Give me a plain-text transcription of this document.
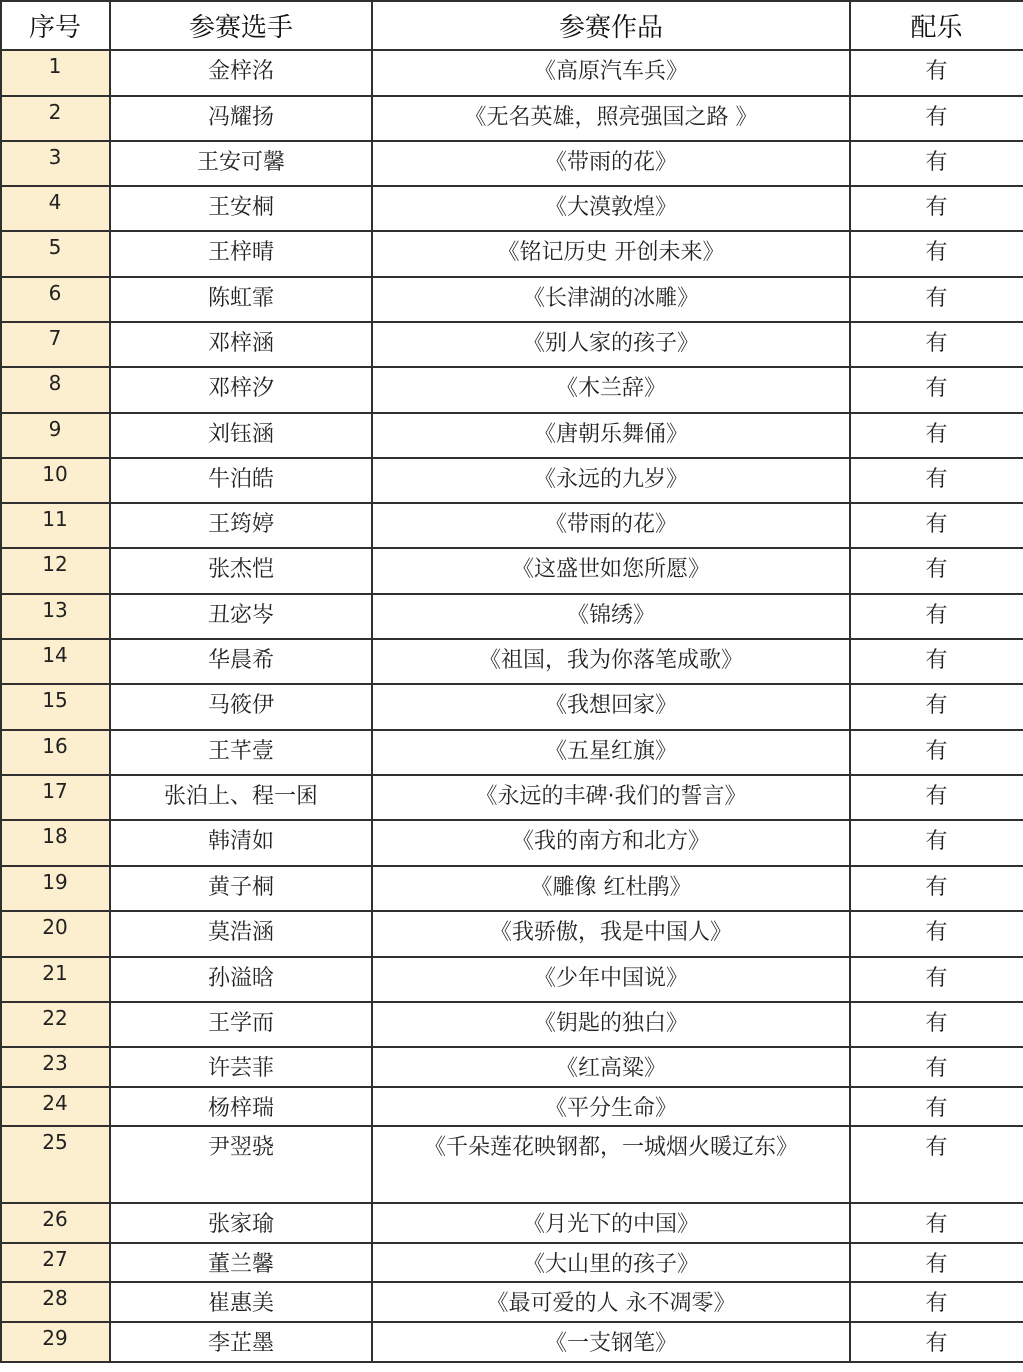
序号	参赛选手	参赛作品	配乐
1	金梓洺	《高原汽车兵》	有
2	冯耀扬	《无名英雄，照亮强国之路 》	有
3	王安可馨	《带雨的花》	有
4	王安桐	《大漠敦煌》	有
5	王梓晴	《铭记历史 开创未来》	有
6	陈虹霏	《长津湖的冰雕》	有
7	邓梓涵	《别人家的孩子》	有
8	邓梓汐	《木兰辞》	有
9	刘钰涵	《唐朝乐舞俑》	有
10	牛泊皓	《永远的九岁》	有
11	王筠婷	《带雨的花》	有
12	张杰恺	《这盛世如您所愿》	有
13	丑宓岑	《锦绣》	有
14	华晨希	《祖国，我为你落笔成歌》	有
15	马筱伊	《我想回家》	有
16	王芊壹	《五星红旗》	有
17	张泊上、程一囷	《永远的丰碑·我们的誓言》	有
18	韩清如	《我的南方和北方》	有
19	黄子桐	《雕像 红杜鹃》	有
20	莫浩涵	《我骄傲，我是中国人》	有
21	孙溢晗	《少年中国说》	有
22	王学而	《钥匙的独白》	有
23	许芸菲	《红高粱》	有
24	杨梓瑞	《平分生命》	有
25	尹翌骁	《千朵莲花映钢都，一城烟火暖辽东》	有
26	张家瑜	《月光下的中国》	有
27	董兰馨	《大山里的孩子》	有
28	崔惠美	《最可爱的人 永不凋零》	有
29	李芷墨	《一支钢笔》	有
